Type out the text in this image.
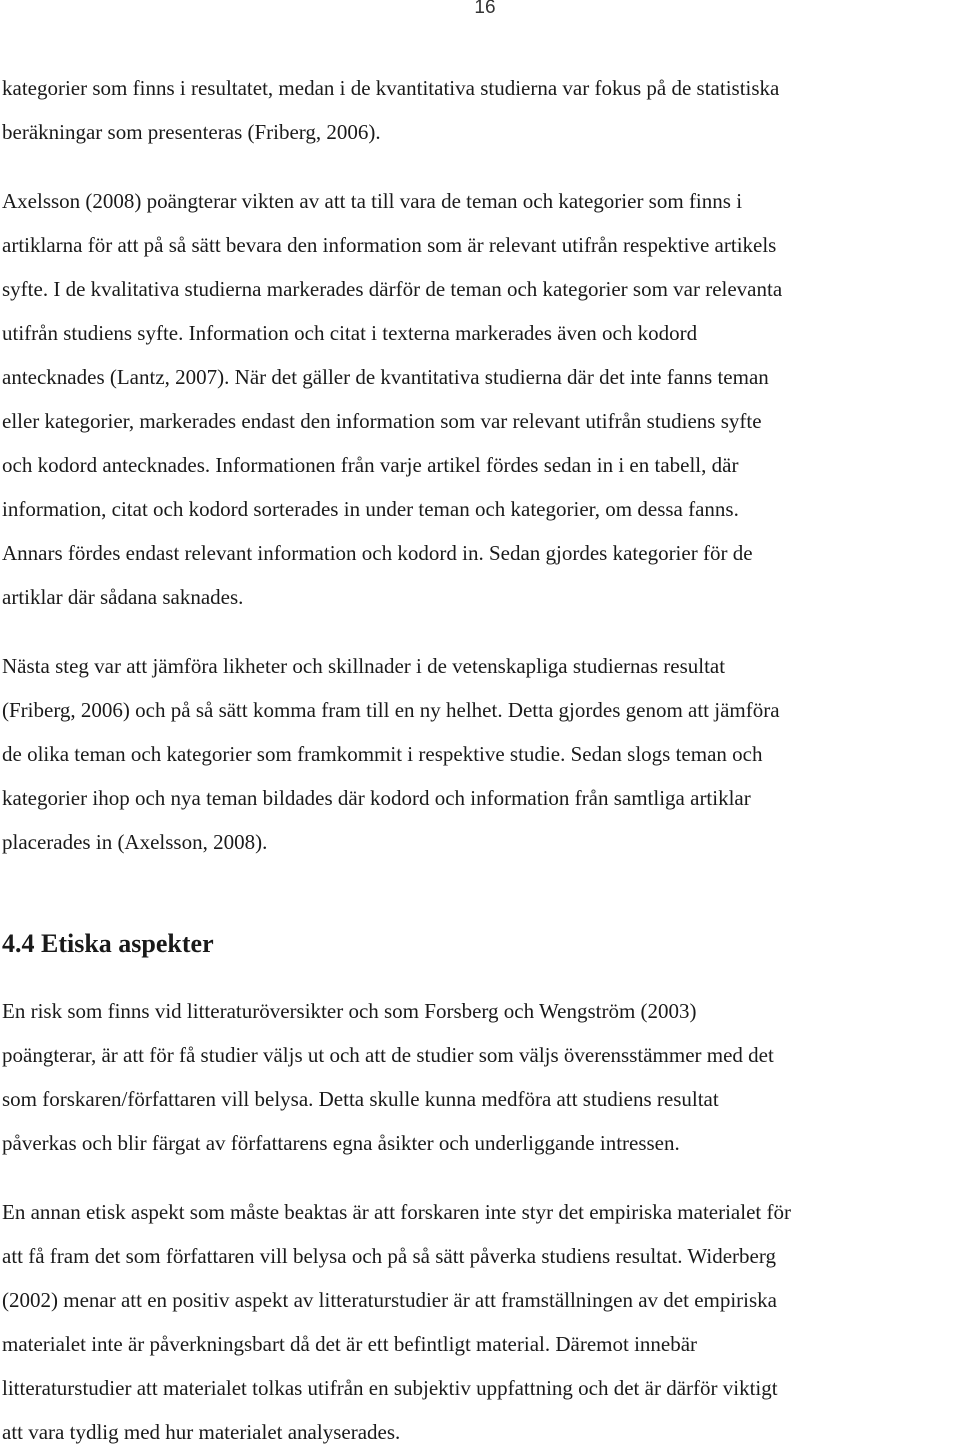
16
kategorier som finns i resultatet, medan i de kvantitativa studierna var fokus på de statistiska
beräkningar som presenteras (Friberg, 2006).
Axelsson (2008) poängterar vikten av att ta till vara de teman och kategorier som finns i
artiklarna för att på så sätt bevara den information som är relevant utifrån respektive artikels
syfte. I de kvalitativa studierna markerades därför de teman och kategorier som var relevanta
utifrån studiens syfte. Information och citat i texterna markerades även och kodord
antecknades (Lantz, 2007). När det gäller de kvantitativa studierna där det inte fanns teman
eller kategorier, markerades endast den information som var relevant utifrån studiens syfte
och kodord antecknades. Informationen från varje artikel fördes sedan in i en tabell, där
information, citat och kodord sorterades in under teman och kategorier, om dessa fanns.
Annars fördes endast relevant information och kodord in. Sedan gjordes kategorier för de
artiklar där sådana saknades.
Nästa steg var att jämföra likheter och skillnader i de vetenskapliga studiernas resultat
(Friberg, 2006) och på så sätt komma fram till en ny helhet. Detta gjordes genom att jämföra
de olika teman och kategorier som framkommit i respektive studie. Sedan slogs teman och
kategorier ihop och nya teman bildades där kodord och information från samtliga artiklar
placerades in (Axelsson, 2008).
4.4 Etiska aspekter
En risk som finns vid litteraturöversikter och som Forsberg och Wengström (2003)
poängterar, är att för få studier väljs ut och att de studier som väljs överensstämmer med det
som forskaren/författaren vill belysa. Detta skulle kunna medföra att studiens resultat
påverkas och blir färgat av författarens egna åsikter och underliggande intressen.
En annan etisk aspekt som måste beaktas är att forskaren inte styr det empiriska materialet för
att få fram det som författaren vill belysa och på så sätt påverka studiens resultat. Widerberg
(2002) menar att en positiv aspekt av litteraturstudier är att framställningen av det empiriska
materialet inte är påverkningsbart då det är ett befintligt material. Däremot innebär
litteraturstudier att materialet tolkas utifrån en subjektiv uppfattning och det är därför viktigt
att vara tydlig med hur materialet analyserades.
